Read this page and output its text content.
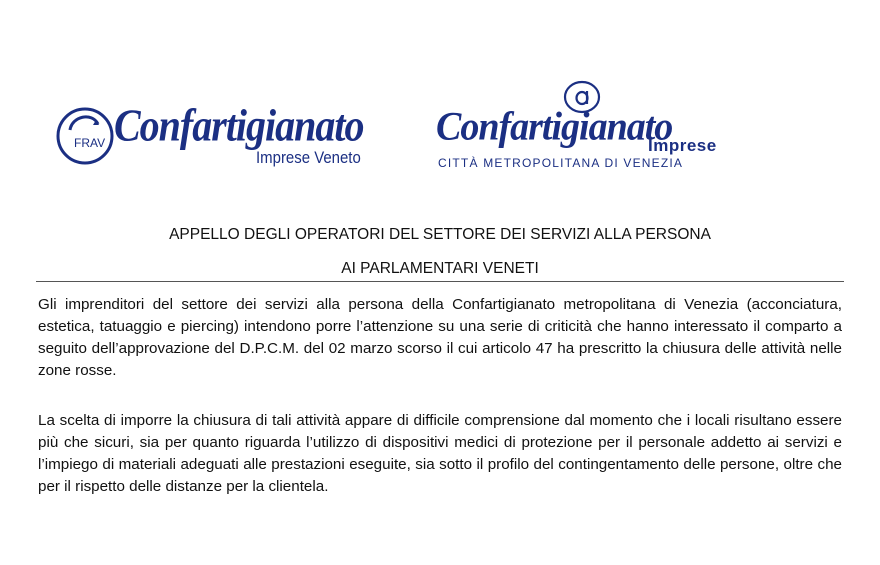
FRAV Confartigianato
Imprese Veneto
Confartigianato
Imprese
CITTÀ METROPOLITANA DI VENEZIA
APPELLO DEGLI OPERATORI DEL SETTORE DEI SERVIZI ALLA PERSONA
AI PARLAMENTARI VENETI

Gli imprenditori del settore dei servizi alla persona della Confartigianato metropolitana di Venezia (acconciatura, estetica, tatuaggio e piercing) intendono porre l’attenzione su una serie di criticità che hanno interessato il comparto a seguito dell’approvazione del D.P.C.M. del 02 marzo scorso il cui articolo 47 ha prescritto la chiusura delle attività nelle zone rosse.

La scelta di imporre la chiusura di tali attività appare di difficile comprensione dal momento che i locali risultano essere più che sicuri, sia per quanto riguarda l’utilizzo di dispositivi medici di protezione per il personale addetto ai servizi e l’impiego di materiali adeguati alle prestazioni eseguite, sia sotto il profilo del contingentamento delle persone, oltre che per il rispetto delle distanze per la clientela.
